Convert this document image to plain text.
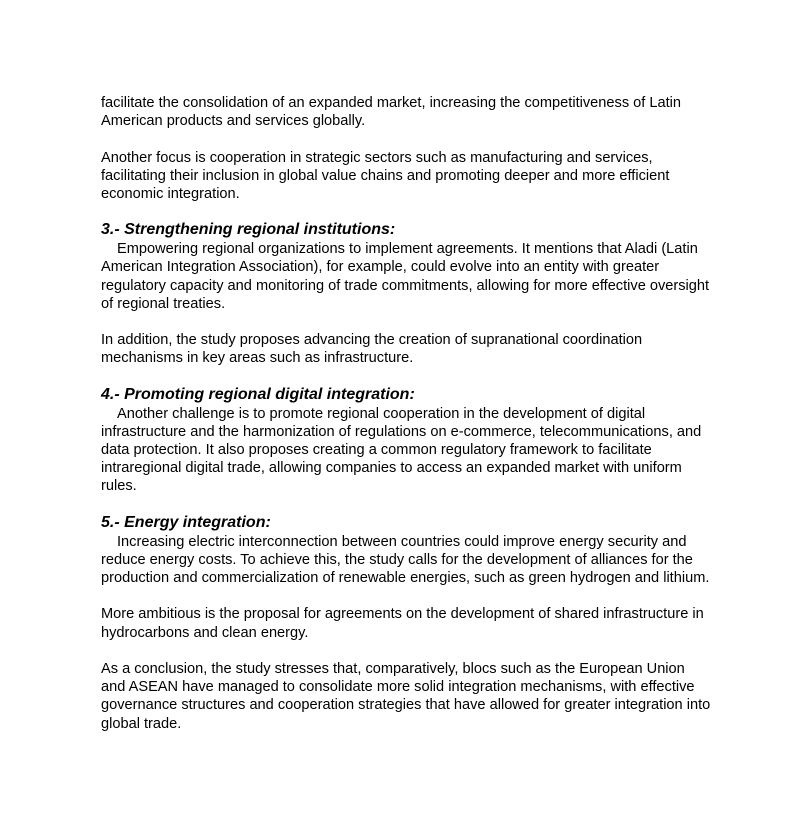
facilitate the consolidation of an expanded market, increasing the competitiveness of Latin American products and services globally.

Another focus is cooperation in strategic sectors such as manufacturing and services, facilitating their inclusion in global value chains and promoting deeper and more efficient economic integration.

3.- Strengthening regional institutions:

Empowering regional organizations to implement agreements. It mentions that Aladi (Latin American Integration Association), for example, could evolve into an entity with greater regulatory capacity and monitoring of trade commitments, allowing for more effective oversight of regional treaties.

In addition, the study proposes advancing the creation of supranational coordination mechanisms in key areas such as infrastructure.

4.- Promoting regional digital integration:

Another challenge is to promote regional cooperation in the development of digital infrastructure and the harmonization of regulations on e-commerce, telecommunications, and data protection. It also proposes creating a common regulatory framework to facilitate intraregional digital trade, allowing companies to access an expanded market with uniform rules.

5.- Energy integration:

Increasing electric interconnection between countries could improve energy security and reduce energy costs. To achieve this, the study calls for the development of alliances for the production and commercialization of renewable energies, such as green hydrogen and lithium.

More ambitious is the proposal for agreements on the development of shared infrastructure in hydrocarbons and clean energy.

As a conclusion, the study stresses that, comparatively, blocs such as the European Union and ASEAN have managed to consolidate more solid integration mechanisms, with effective governance structures and cooperation strategies that have allowed for greater integration into global trade.
